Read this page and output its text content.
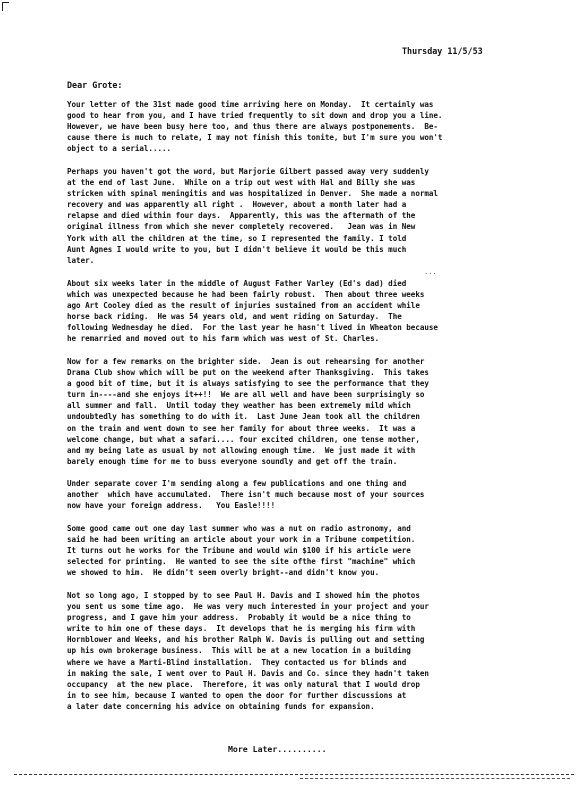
Thursday 11/5/53
Dear Grote:
Your letter of the 31st made good time arriving here on Monday.  It certainly was
good to hear from you, and I have tried frequently to sit down and drop you a line.
However, we have been busy here too, and thus there are always postponements.  Be-
cause there is much to relate, I may not finish this tonite, but I'm sure you won't
object to a serial.....
Perhaps you haven't got the word, but Marjorie Gilbert passed away very suddenly
at the end of last June.  While on a trip out west with Hal and Billy she was
stricken with spinal meningitis and was hospitalized in Denver.  She made a normal
recovery and was apparently all right .  However, about a month later had a
relapse and died within four days.  Apparently, this was the aftermath of the
original illness from which she never completely recovered.   Jean was in New
York with all the children at the time, so I represented the family. I told
Aunt Agnes I would write to you, but I didn't believe it would be this much
later.
...
About six weeks later in the middle of August Father Varley (Ed's dad) died
which was unexpected because he had been fairly robust.  Then about three weeks
ago Art Cooley died as the result of injuries sustained from an accident while
horse back riding.  He was 54 years old, and went riding on Saturday.  The
following Wednesday he died.  For the last year he hasn't lived in Wheaton because
he remarried and moved out to his farm which was west of St. Charles.
Now for a few remarks on the brighter side.  Jean is out rehearsing for another
Drama Club show which will be put on the weekend after Thanksgiving.  This takes
a good bit of time, but it is always satisfying to see the performance that they
turn in----and she enjoys it++!!  We are all well and have been surprisingly so
all summer and fall.  Until today they weather has been extremely mild which
undoubtedly has something to do with it.  Last June Jean took all the children
on the train and went down to see her family for about three weeks.  It was a
welcome change, but what a safari.... four excited children, one tense mother,
and my being late as usual by not allowing enough time.  We just made it with
barely enough time for me to buss everyone soundly and get off the train.
Under separate cover I'm sending along a few publications and one thing and
another  which have accumulated.  There isn't much because most of your sources
now have your foreign address.   You Easle!!!!
Some good came out one day last summer who was a nut on radio astronomy, and
said he had been writing an article about your work in a Tribune competition.
It turns out he works for the Tribune and would win $100 if his article were
selected for printing.  He wanted to see the site ofthe first "machine" which
we showed to him.  He didn't seem overly bright--and didn't know you.
Not so long ago, I stopped by to see Paul H. Davis and I showed him the photos
you sent us some time ago.  He was very much interested in your project and your
progress, and I gave him your address.  Probably it would be a nice thing to
write to him one of these days.  It develops that he is merging his firm with
Hornblower and Weeks, and his brother Ralph W. Davis is pulling out and setting
up his own brokerage business.  This will be at a new location in a building
where we have a Marti-Blind installation.  They contacted us for blinds and
in making the sale, I went over to Paul H. Davis and Co. since they hadn't taken
occupancy  at the new place.  Therefore, it was only natural that I would drop
in to see him, because I wanted to open the door for further discussions at
a later date concerning his advice on obtaining funds for expansion.
More Later..........
